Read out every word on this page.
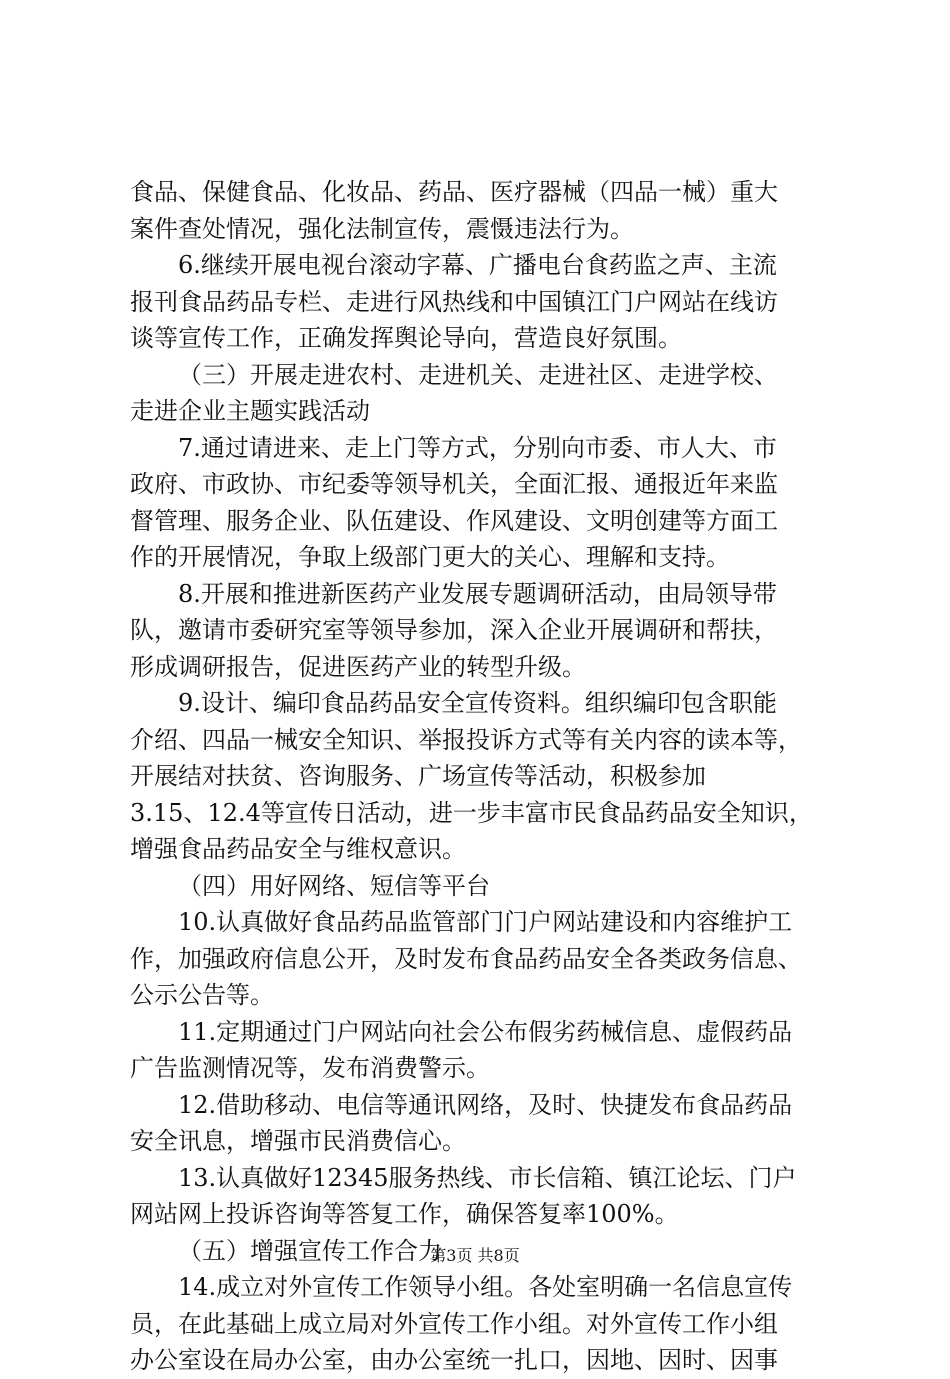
食品、保健食品、化妆品、药品、医疗器械（四品一械）重大
案件查处情况，强化法制宣传，震慑违法行为。
6.继续开展电视台滚动字幕、广播电台食药监之声、主流
报刊食品药品专栏、走进行风热线和中国镇江门户网站在线访
谈等宣传工作，正确发挥舆论导向，营造良好氛围。
（三）开展走进农村、走进机关、走进社区、走进学校、
走进企业主题实践活动
7.通过请进来、走上门等方式，分别向市委、市人大、市
政府、市政协、市纪委等领导机关，全面汇报、通报近年来监
督管理、服务企业、队伍建设、作风建设、文明创建等方面工
作的开展情况，争取上级部门更大的关心、理解和支持。
8.开展和推进新医药产业发展专题调研活动，由局领导带
队，邀请市委研究室等领导参加，深入企业开展调研和帮扶，
形成调研报告，促进医药产业的转型升级。
9.设计、编印食品药品安全宣传资料。组织编印包含职能
介绍、四品一械安全知识、举报投诉方式等有关内容的读本等，
开展结对扶贫、咨询服务、广场宣传等活动，积极参加
3.15、12.4等宣传日活动，进一步丰富市民食品药品安全知识，
增强食品药品安全与维权意识。
（四）用好网络、短信等平台
10.认真做好食品药品监管部门门户网站建设和内容维护工
作，加强政府信息公开，及时发布食品药品安全各类政务信息、
公示公告等。
11.定期通过门户网站向社会公布假劣药械信息、虚假药品
广告监测情况等，发布消费警示。
12.借助移动、电信等通讯网络，及时、快捷发布食品药品
安全讯息，增强市民消费信心。
13.认真做好12345服务热线、市长信箱、镇江论坛、门户
网站网上投诉咨询等答复工作，确保答复率100%。
（五）增强宣传工作合力
14.成立对外宣传工作领导小组。各处室明确一名信息宣传
员，在此基础上成立局对外宣传工作小组。对外宣传工作小组
办公室设在局办公室，由办公室统一扎口，因地、因时、因事
第3页 共8页
